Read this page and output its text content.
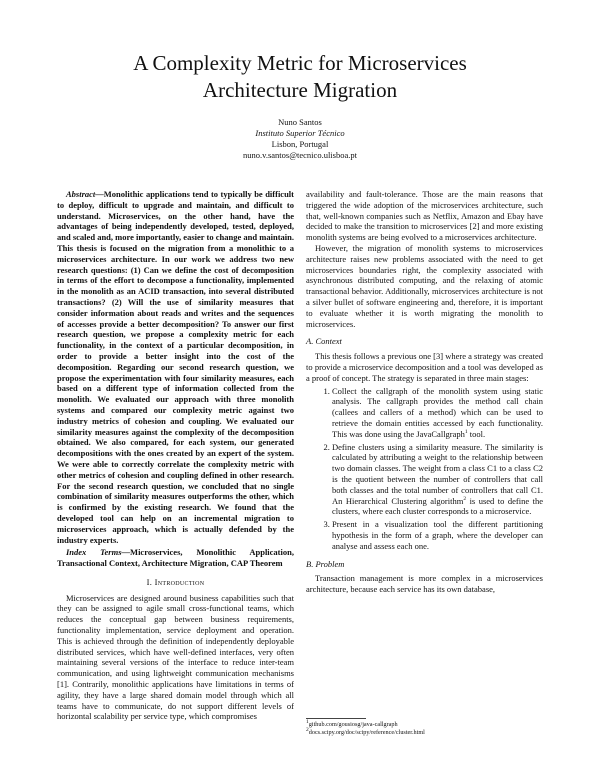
A Complexity Metric for Microservices
Architecture Migration
Nuno Santos
Instituto Superior Técnico
Lisbon, Portugal
nuno.v.santos@tecnico.ulisboa.pt

Abstract—Monolithic applications tend to typically be difficult to deploy, difficult to upgrade and maintain, and difficult to understand. Microservices, on the other hand, have the advantages of being independently developed, tested, deployed, and scaled and, more importantly, easier to change and maintain. This thesis is focused on the migration from a monolithic to a microservices architecture. In our work we address two new research questions: (1) Can we define the cost of decomposition in terms of the effort to decompose a functionality, implemented in the monolith as an ACID transaction, into several distributed transactions? (2) Will the use of similarity measures that consider information about reads and writes and the sequences of accesses provide a better decomposition? To answer our first research question, we propose a complexity metric for each functionality, in the context of a particular decomposition, in order to provide a better insight into the cost of the decomposition. Regarding our second research question, we propose the experimentation with four similarity measures, each based on a different type of information collected from the monolith. We evaluated our approach with three monolith systems and compared our complexity metric against two industry metrics of cohesion and coupling. We evaluated our similarity measures against the complexity of the decomposition obtained. We also compared, for each system, our generated decompositions with the ones created by an expert of the system. We were able to correctly correlate the complexity metric with other metrics of cohesion and coupling defined in other research. For the second research question, we concluded that no single combination of similarity measures outperforms the other, which is confirmed by the existing research. We found that the developed tool can help on an incremental migration to microservices approach, which is actually defended by the industry experts.

Index Terms—Microservices, Monolithic Application, Transactional Context, Architecture Migration, CAP Theorem

I. Introduction

Microservices are designed around business capabilities such that they can be assigned to agile small cross-functional teams, which reduces the conceptual gap between business requirements, functionality implementation, service deployment and operation. This is achieved through the definition of independently deployable distributed services, which have well-defined interfaces, very often maintaining several versions of the interface to reduce inter-team communication, and using lightweight communication mechanisms [1]. Contrarily, monolithic applications have limitations in terms of agility, they have a large shared domain model through which all teams have to communicate, do not support different levels of horizontal scalability per service type, which compromises

availability and fault-tolerance. Those are the main reasons that triggered the wide adoption of the microservices architecture, such that, well-known companies such as Netflix, Amazon and Ebay have decided to make the transition to microservices [2] and more existing monolith systems are being evolved to a microservices architecture.

However, the migration of monolith systems to microservices architecture raises new problems associated with the need to get microservices boundaries right, the complexity associated with asynchronous distributed computing, and the relaxing of atomic transactional behavior. Additionally, microservices architecture is not a silver bullet of software engineering and, therefore, it is important to evaluate whether it is worth migrating the monolith to microservices.

A. Context

This thesis follows a previous one [3] where a strategy was created to provide a microservice decomposition and a tool was developed as a proof of concept. The strategy is separated in three main stages:

1. Collect the callgraph of the monolith system using static analysis. The callgraph provides the method call chain (callees and callers of a method) which can be used to retrieve the domain entities accessed by each functionality. This was done using the JavaCallgraph$^1$ tool.
2. Define clusters using a similarity measure. The similarity is calculated by attributing a weight to the relationship between two domain classes. The weight from a class C1 to a class C2 is the quotient between the number of controllers that call both classes and the total number of controllers that call C1. An Hierarchical Clustering algorithm$^2$ is used to define the clusters, where each cluster corresponds to a microservice.
3. Present in a visualization tool the different partitioning hypothesis in the form of a graph, where the developer can analyse and assess each one.
B. Problem

Transaction management is more complex in a microservices architecture, because each service has its own database,

$^1$github.com/gousiosg/java-callgraph
$^2$docs.scipy.org/doc/scipy/reference/cluster.html
